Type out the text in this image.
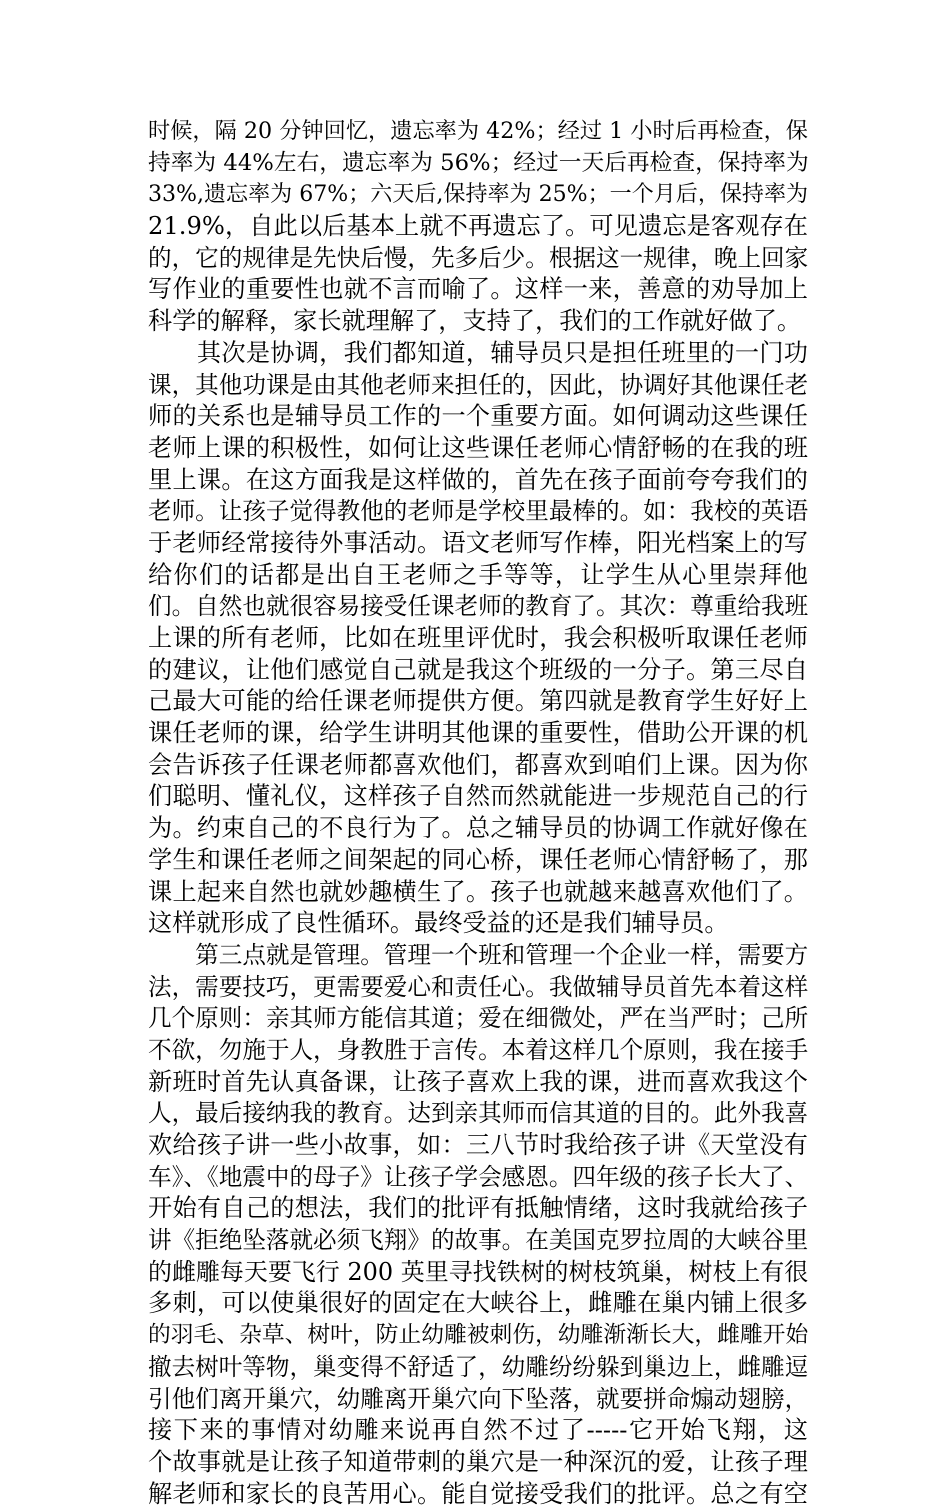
时候，隔 20 分钟回忆，遗忘率为 42%；经过 1 小时后再检查，保
持率为 44%左右，遗忘率为 56%；经过一天后再检查，保持率为
33%,遗忘率为 67%；六天后,保持率为 25%；一个月后，保持率为
21.9%，自此以后基本上就不再遗忘了。可见遗忘是客观存在
的，它的规律是先快后慢，先多后少。根据这一规律，晚上回家
写作业的重要性也就不言而喻了。这样一来，善意的劝导加上
科学的解释，家长就理解了，支持了，我们的工作就好做了。
　　其次是协调，我们都知道，辅导员只是担任班里的一门功
课，其他功课是由其他老师来担任的，因此，协调好其他课任老
师的关系也是辅导员工作的一个重要方面。如何调动这些课任
老师上课的积极性，如何让这些课任老师心情舒畅的在我的班
里上课。在这方面我是这样做的，首先在孩子面前夸夸我们的
老师。让孩子觉得教他的老师是学校里最棒的。如：我校的英语
于老师经常接待外事活动。语文老师写作棒，阳光档案上的写
给你们的话都是出自王老师之手等等，让学生从心里崇拜他
们。自然也就很容易接受任课老师的教育了。其次：尊重给我班
上课的所有老师，比如在班里评优时，我会积极听取课任老师
的建议，让他们感觉自己就是我这个班级的一分子。第三尽自
己最大可能的给任课老师提供方便。第四就是教育学生好好上
课任老师的课，给学生讲明其他课的重要性，借助公开课的机
会告诉孩子任课老师都喜欢他们，都喜欢到咱们上课。因为你
们聪明、懂礼仪，这样孩子自然而然就能进一步规范自己的行
为。约束自己的不良行为了。总之辅导员的协调工作就好像在
学生和课任老师之间架起的同心桥，课任老师心情舒畅了，那
课上起来自然也就妙趣横生了。孩子也就越来越喜欢他们了。
这样就形成了良性循环。最终受益的还是我们辅导员。
　　第三点就是管理。管理一个班和管理一个企业一样，需要方
法，需要技巧，更需要爱心和责任心。我做辅导员首先本着这样
几个原则：亲其师方能信其道；爱在细微处，严在当严时；己所
不欲，勿施于人，身教胜于言传。本着这样几个原则，我在接手
新班时首先认真备课，让孩子喜欢上我的课，进而喜欢我这个
人，最后接纳我的教育。达到亲其师而信其道的目的。此外我喜
欢给孩子讲一些小故事，如：三八节时我给孩子讲《天堂没有
车》、《地震中的母子》让孩子学会感恩。四年级的孩子长大了、
开始有自己的想法，我们的批评有抵触情绪，这时我就给孩子
讲《拒绝坠落就必须飞翔》的故事。在美国克罗拉周的大峡谷里
的雌雕每天要飞行 200 英里寻找铁树的树枝筑巢，树枝上有很
多刺，可以使巢很好的固定在大峡谷上，雌雕在巢内铺上很多
的羽毛、杂草、树叶，防止幼雕被刺伤，幼雕渐渐长大，雌雕开始
撤去树叶等物，巢变得不舒适了，幼雕纷纷躲到巢边上，雌雕逗
引他们离开巢穴，幼雕离开巢穴向下坠落，就要拼命煽动翅膀，
接下来的事情对幼雕来说再自然不过了-----它开始飞翔，这
个故事就是让孩子知道带刺的巢穴是一种深沉的爱，让孩子理
解老师和家长的良苦用心。能自觉接受我们的批评。总之有空
